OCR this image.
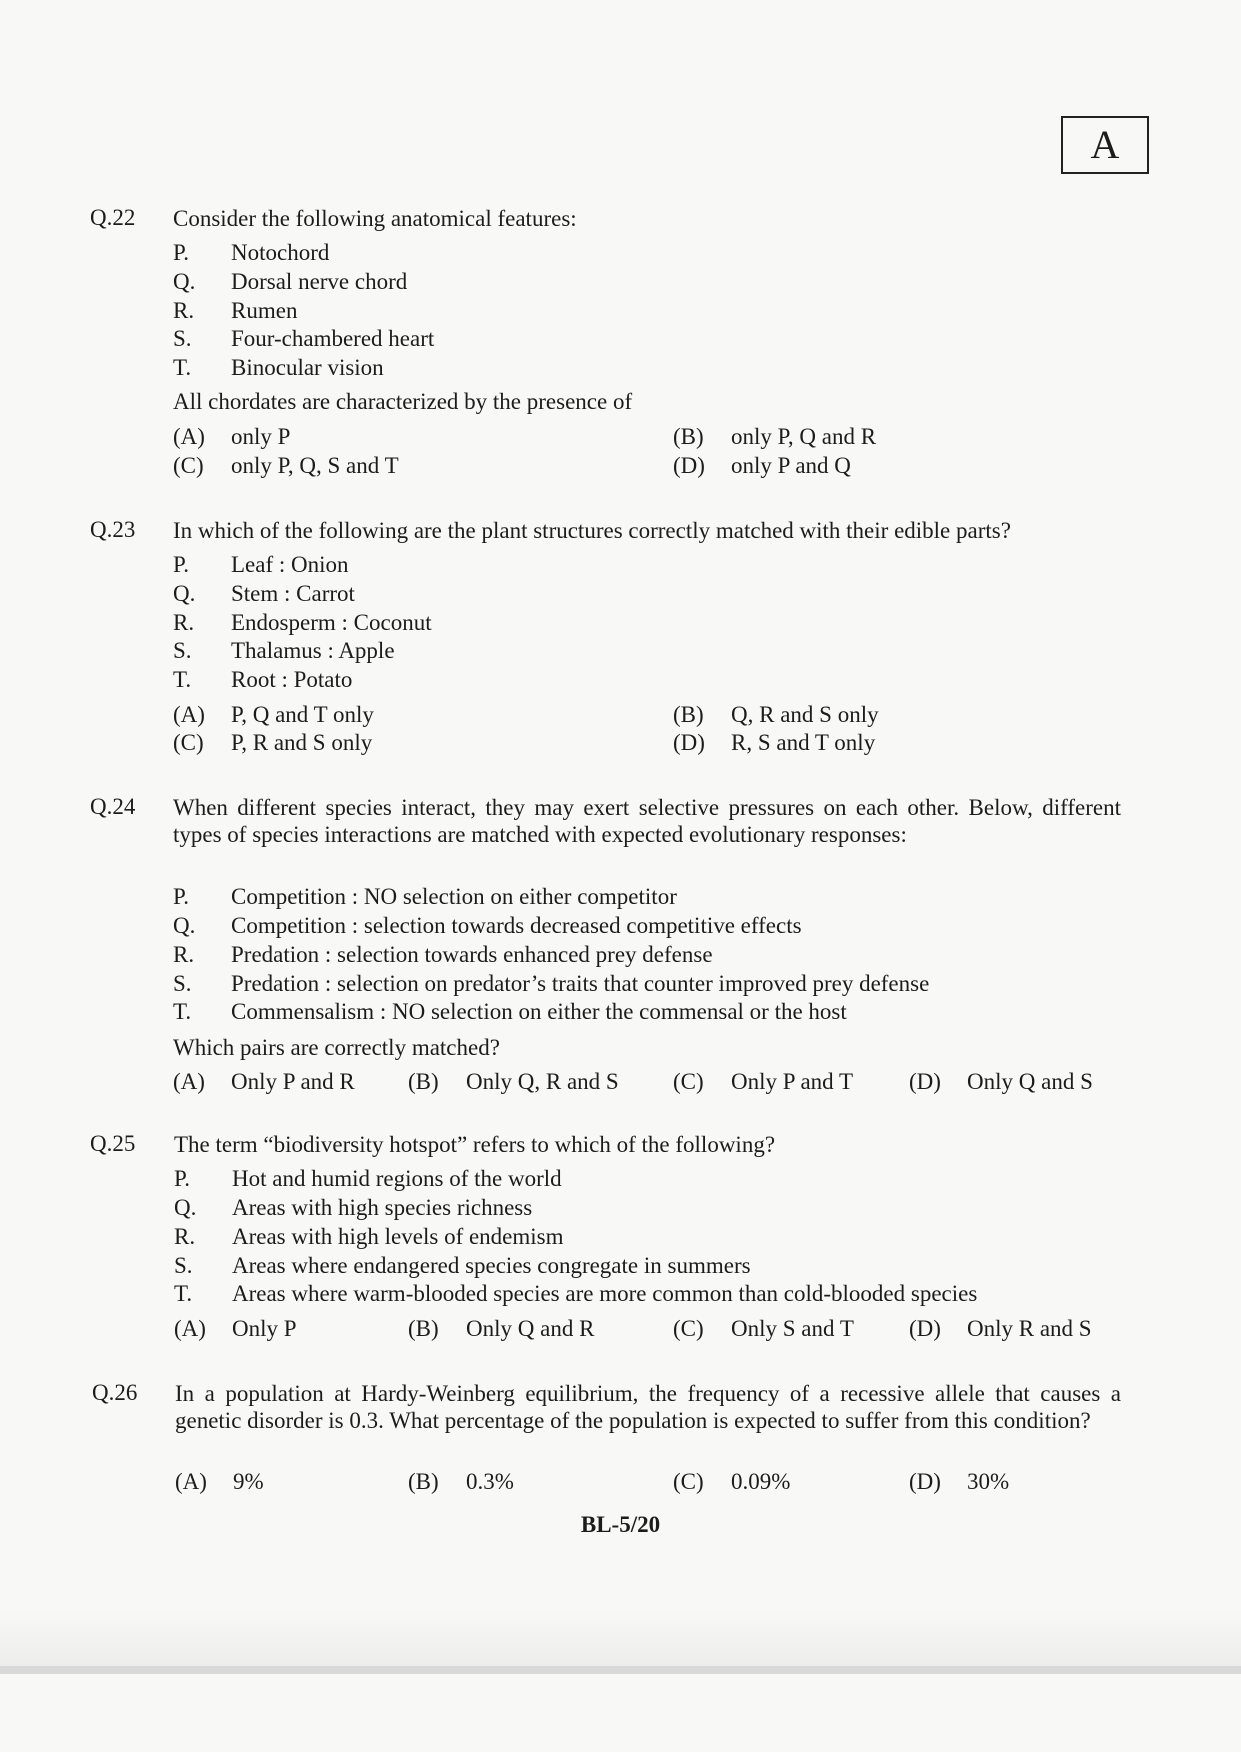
A
Q.22 Consider the following anatomical features:
P. Notochord
Q. Dorsal nerve chord
R. Rumen
S. Four-chambered heart
T. Binocular vision
All chordates are characterized by the presence of
(A) only P	(B) only P, Q and R
(C) only P, Q, S and T	(D) only P and Q
Q.23 In which of the following are the plant structures correctly matched with their edible parts?
P. Leaf : Onion
Q. Stem : Carrot
R. Endosperm : Coconut
S. Thalamus : Apple
T. Root : Potato
(A) P, Q and T only	(B) Q, R and S only
(C) P, R and S only	(D) R, S and T only
Q.24 When different species interact, they may exert selective pressures on each other. Below, different types of species interactions are matched with expected evolutionary responses:
P. Competition : NO selection on either competitor
Q. Competition : selection towards decreased competitive effects
R. Predation : selection towards enhanced prey defense
S. Predation : selection on predator’s traits that counter improved prey defense
T. Commensalism : NO selection on either the commensal or the host
Which pairs are correctly matched?
(A) Only P and R (B) Only Q, R and S (C) Only P and T (D) Only Q and S
Q.25 The term “biodiversity hotspot” refers to which of the following?
P. Hot and humid regions of the world
Q. Areas with high species richness
R. Areas with high levels of endemism
S. Areas where endangered species congregate in summers
T. Areas where warm-blooded species are more common than cold-blooded species
(A) Only P	(B) Only Q and R	(C) Only S and T (D) Only R and S
Q.26 In a population at Hardy-Weinberg equilibrium, the frequency of a recessive allele that causes a genetic disorder is 0.3. What percentage of the population is expected to suffer from this condition?
(A) 9%	(B) 0.3%	(C) 0.09%	(D) 30%
BL-5/20
